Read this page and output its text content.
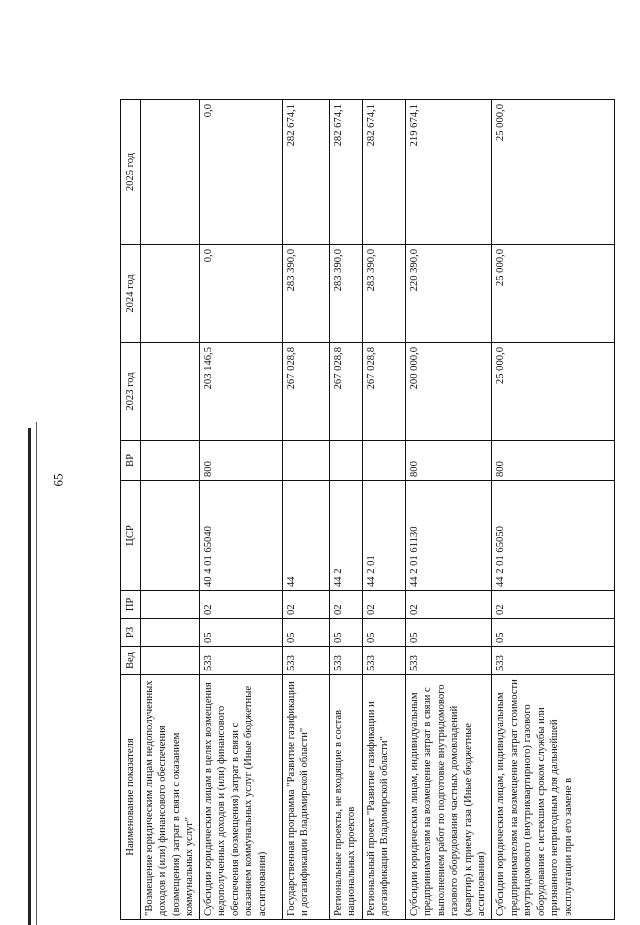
65
Наименование показателя	Вед	РЗ	ПР	ЦСР	ВР	2023 год	2024 год	2025 год
"Возмещение юридическим лицам недополученных доходов и (или) финансового обеспечения (возмещения) затрат в связи с оказанием коммунальных услуг"								
Субсидии юридическим лицам в целях возмещения недополученных доходов и (или) финансового обеспечения (возмещения) затрат в связи с оказанием коммунальных услуг (Иные бюджетные ассигнования)	533	05	02	40 4 01 65040	800	203 146,5	0,0	0,0
Государственная программа "Развитие газификации и догазификации Владимирской области"	533	05	02	44		267 028,8	283 390,0	282 674,1
Региональные проекты, не входящие в состав национальных проектов	533	05	02	44 2		267 028,8	283 390,0	282 674,1
Региональный проект "Развитие газификации и догазификации Владимирской области"	533	05	02	44 2 01		267 028,8	283 390,0	282 674,1
Субсидии юридическим лицам, индивидуальным предпринимателям на возмещение затрат в связи с выполнением работ по подготовке внутридомового газового оборудования частных домовладений (квартир) к приему газа (Иные бюджетные ассигнования)	533	05	02	44 2 01 61130	800	200 000,0	220 390,0	219 674,1
Субсидии юридическим лицам, индивидуальным предпринимателям на возмещение затрат стоимости внутридомового (внутриквартирного) газового оборудования с истекшим сроком службы или признанного непригодным для дальнейшей эксплуатации при его замене в	533	05	02	44 2 01 65050	800	25 000,0	25 000,0	25 000,0
